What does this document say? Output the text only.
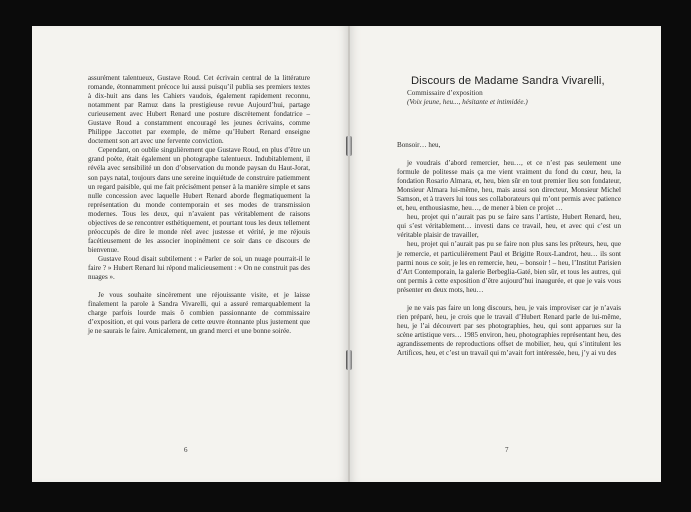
assurément talentueux, Gustave Roud. Cet écrivain central de la littérature romande, étonnamment précoce lui aussi puisqu’il publia ses premiers textes à dix-huit ans dans les Cahiers vaudois, également rapidement reconnu, notamment par Ramuz dans la prestigieuse revue Aujourd’hui, partage curieusement avec Hubert Renard une posture discrètement fondatrice – Gustave Roud a constamment encouragé les jeunes écrivains, comme Philippe Jaccottet par exemple, de même qu’Hubert Renard enseigne doctement son art avec une fervente conviction.

Cependant, on oublie singulièrement que Gustave Roud, en plus d’être un grand poète, était également un photographe talentueux. Indubitablement, il révéla avec sensibilité un don d’observation du monde paysan du Haut-Jorat, son pays natal, toujours dans une sereine inquiétude de construire patiemment un regard paisible, qui me fait précisément penser à la manière simple et sans nulle concession avec laquelle Hubert Renard aborde flegmatiquement la représentation du monde contemporain et ses modes de transmission modernes. Tous les deux, qui n’avaient pas véritablement de raisons objectives de se rencontrer esthétiquement, et pourtant tous les deux tellement préoccupés de dire le monde réel avec justesse et vérité, je me réjouis facétieusement de les associer inopinément ce soir dans ce discours de bienvenue.

Gustave Roud disait subtilement : « Parler de soi, un nuage pourrait-il le faire ? » Hubert Renard lui répond malicieusement : « On ne construit pas des nuages ».

Je vous souhaite sincèrement une réjouissante visite, et je laisse finalement la parole à Sandra Vivarelli, qui a assuré remarquablement la charge parfois lourde mais ô combien passionnante de commissaire d’exposition, et qui vous parlera de cette œuvre étonnante plus justement que je ne saurais le faire. Amicalement, un grand merci et une bonne soirée.

6
Discours de Madame Sandra Vivarelli,
Commissaire d’exposition
(Voix jeune, heu..., hésitante et intimidée.)

Bonsoir… heu,

je voudrais d’abord remercier, heu…, et ce n’est pas seulement une formule de politesse mais ça me vient vraiment du fond du cœur, heu, la fondation Rosario Almara, et, heu, bien sûr en tout premier lieu son fondateur, Monsieur Almara lui-même, heu, mais aussi son directeur, Monsieur Michel Samson, et à travers lui tous ses collaborateurs qui m’ont permis avec patience et, heu, enthousiasme, heu…, de mener à bien ce projet …

heu, projet qui n’aurait pas pu se faire sans l’artiste, Hubert Renard, heu, qui s’est véritablement… investi dans ce travail, heu, et avec qui c’est un véritable plaisir de travailler,

heu, projet qui n’aurait pas pu se faire non plus sans les prêteurs, heu, que je remercie, et particulièrement Paul et Brigitte Roux-Landrot, heu… ils sont parmi nous ce soir, je les en remercie, heu, – bonsoir ! – heu, l’Institut Parisien d’Art Contemporain, la galerie Berbeglia-Gaté, bien sûr, et tous les autres, qui ont permis à cette exposition d’être aujourd’hui inaugurée, et que je vais vous présenter en deux mots, heu…

je ne vais pas faire un long discours, heu, je vais improviser car je n’avais rien préparé, heu, je crois que le travail d’Hubert Renard parle de lui-même, heu, je l’ai découvert par ses photographies, heu, qui sont apparues sur la scène artistique vers… 1985 environ, heu, photographies représentant heu, des agrandissements de reproductions offset de mobilier, heu, qui s’intitulent les Artifices, heu, et c’est un travail qui m’avait fort intéressée, heu, j’y ai vu des

7
